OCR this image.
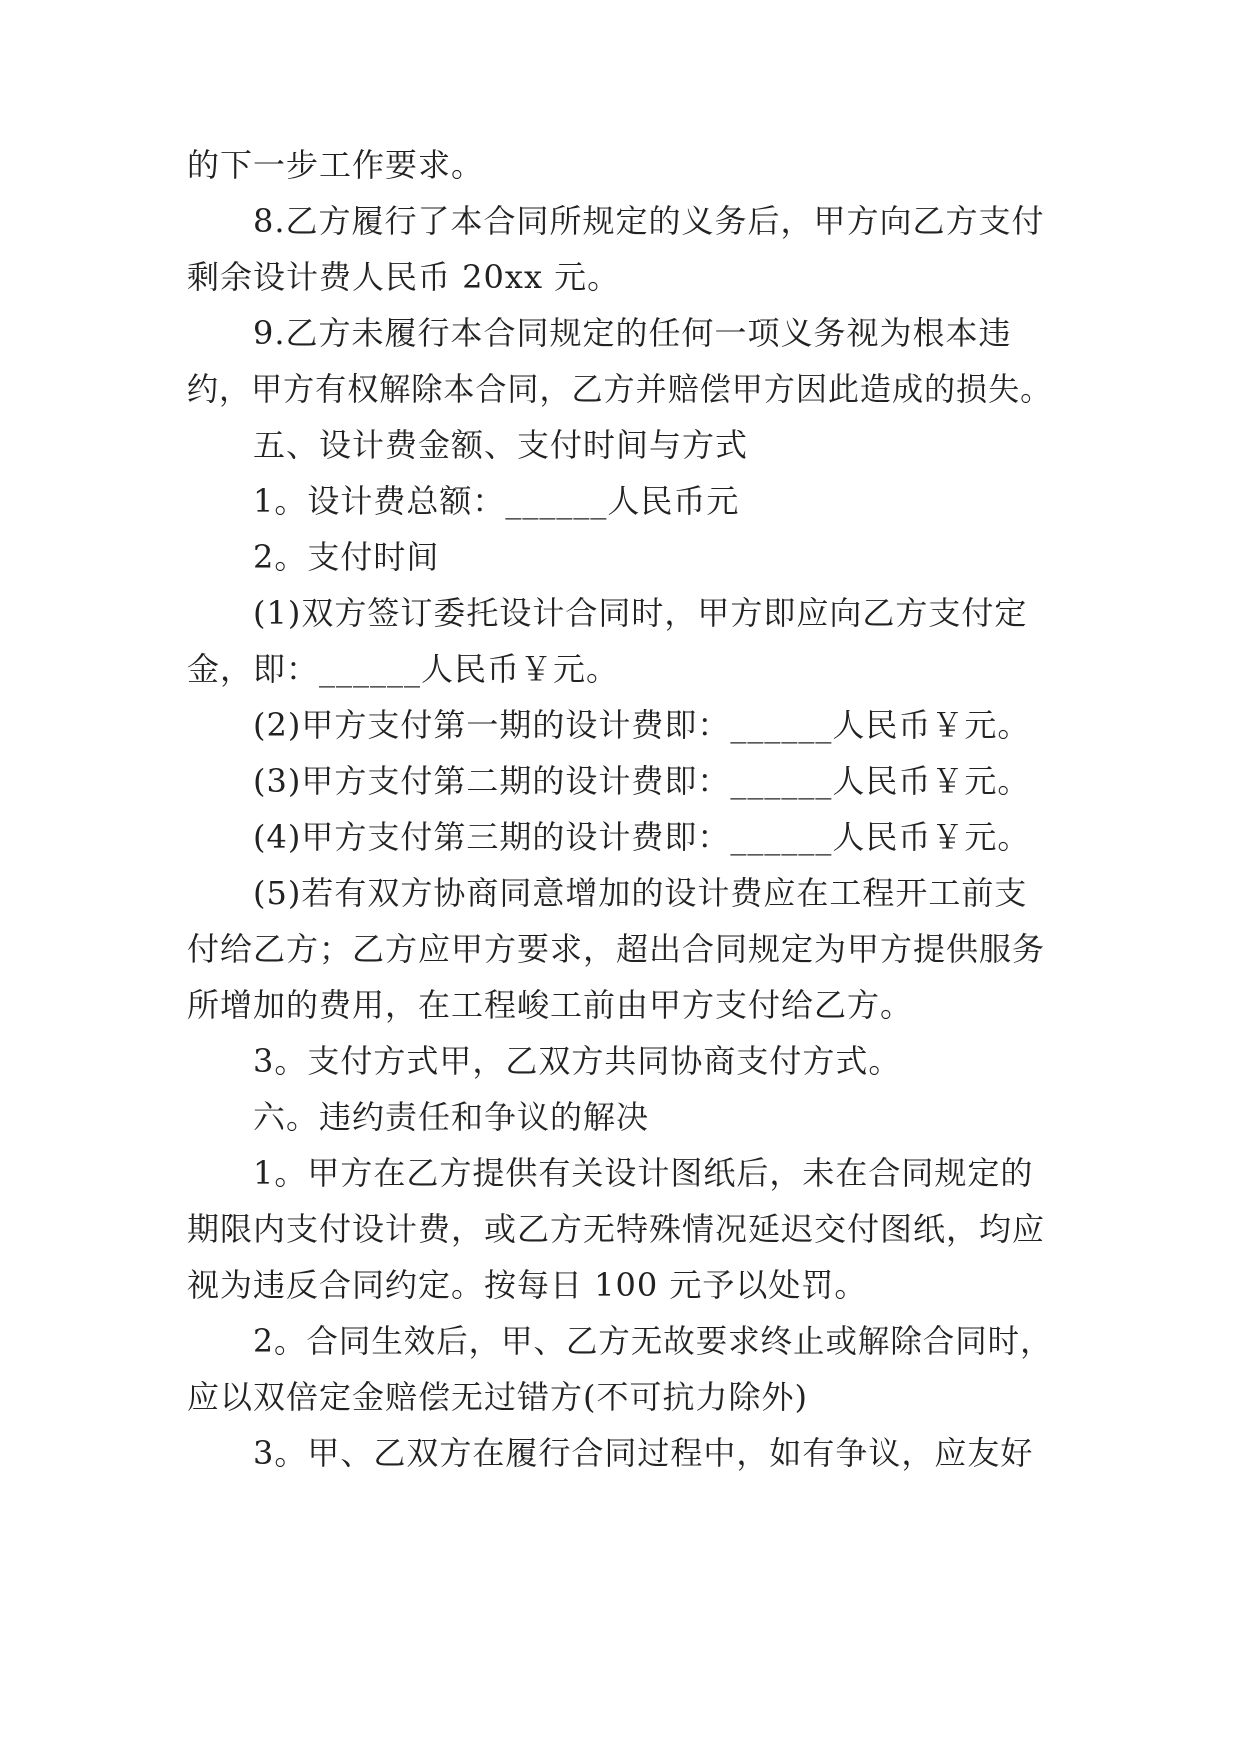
的下一步工作要求。
8.乙方履行了本合同所规定的义务后，甲方向乙方支付
剩余设计费人民币 20xx 元。
9.乙方未履行本合同规定的任何一项义务视为根本违
约，甲方有权解除本合同，乙方并赔偿甲方因此造成的损失。
五、设计费金额、支付时间与方式
1。设计费总额：______人民币元
2。支付时间
(1)双方签订委托设计合同时，甲方即应向乙方支付定
金，即：______人民币￥元。
(2)甲方支付第一期的设计费即：______人民币￥元。
(3)甲方支付第二期的设计费即：______人民币￥元。
(4)甲方支付第三期的设计费即：______人民币￥元。
(5)若有双方协商同意增加的设计费应在工程开工前支
付给乙方；乙方应甲方要求，超出合同规定为甲方提供服务
所增加的费用，在工程峻工前由甲方支付给乙方。
3。支付方式甲，乙双方共同协商支付方式。
六。违约责任和争议的解决
1。甲方在乙方提供有关设计图纸后，未在合同规定的
期限内支付设计费，或乙方无特殊情况延迟交付图纸，均应
视为违反合同约定。按每日 100 元予以处罚。
2。合同生效后，甲、乙方无故要求终止或解除合同时，
应以双倍定金赔偿无过错方(不可抗力除外)
3。甲、乙双方在履行合同过程中，如有争议，应友好
